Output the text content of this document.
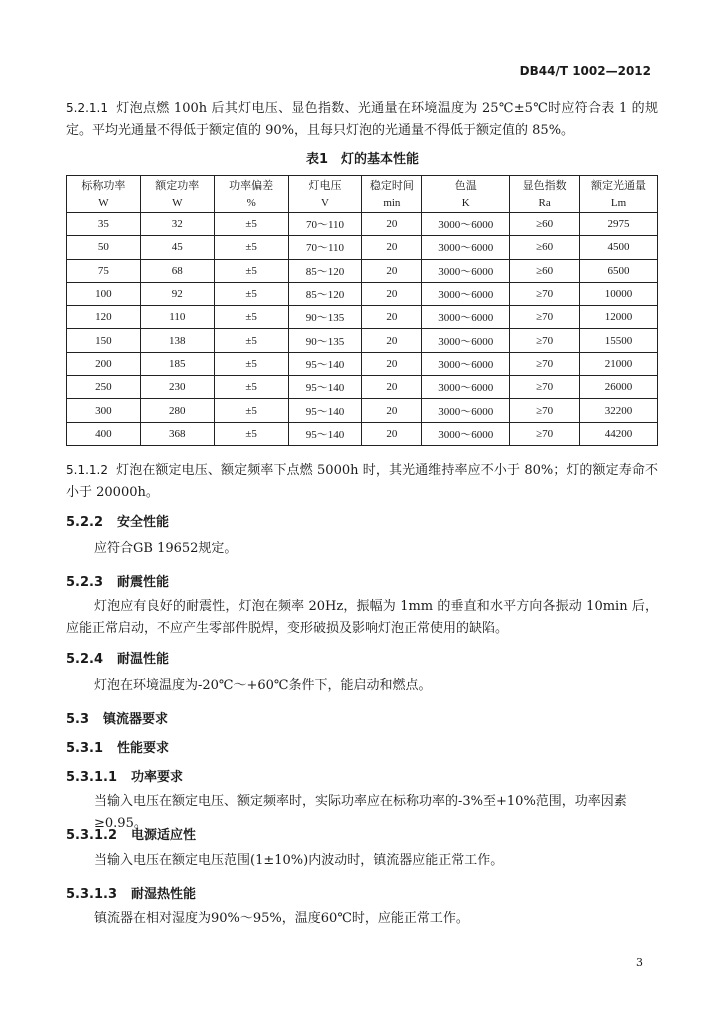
DB44/T 1002—2012
5.2.1.1 灯泡点燃 100h 后其灯电压、显色指数、光通量在环境温度为 25℃±5℃时应符合表 1 的规定。平均光通量不得低于额定值的 90%，且每只灯泡的光通量不得低于额定值的 85%。
表1　灯的基本性能
标称功率	额定功率	功率偏差	灯电压	稳定时间	色温	显色指数	额定光通量
W	W	%	V	min	K	Ra	Lm
35	32	±5	70～110	20	3000～6000	≥60	2975
50	45	±5	70～110	20	3000～6000	≥60	4500
75	68	±5	85～120	20	3000～6000	≥60	6500
100	92	±5	85～120	20	3000～6000	≥70	10000
120	110	±5	90～135	20	3000～6000	≥70	12000
150	138	±5	90～135	20	3000～6000	≥70	15500
200	185	±5	95～140	20	3000～6000	≥70	21000
250	230	±5	95～140	20	3000～6000	≥70	26000
300	280	±5	95～140	20	3000～6000	≥70	32200
400	368	±5	95～140	20	3000～6000	≥70	44200
5.1.1.2 灯泡在额定电压、额定频率下点燃 5000h 时，其光通维持率应不小于 80%；灯的额定寿命不小于 20000h。
5.2.2 安全性能
应符合GB 19652规定。
5.2.3 耐震性能
灯泡应有良好的耐震性，灯泡在频率 20Hz，振幅为 1mm 的垂直和水平方向各振动 10min 后，应能正常启动，不应产生零部件脱焊，变形破损及影响灯泡正常使用的缺陷。
5.2.4 耐温性能
灯泡在环境温度为-20℃～+60℃条件下，能启动和燃点。
5.3 镇流器要求
5.3.1 性能要求
5.3.1.1 功率要求
当输入电压在额定电压、额定频率时，实际功率应在标称功率的-3%至+10%范围，功率因素≥0.95。
5.3.1.2 电源适应性
当输入电压在额定电压范围(1±10%)内波动时，镇流器应能正常工作。
5.3.1.3 耐湿热性能
镇流器在相对湿度为90%～95%，温度60℃时，应能正常工作。
3
